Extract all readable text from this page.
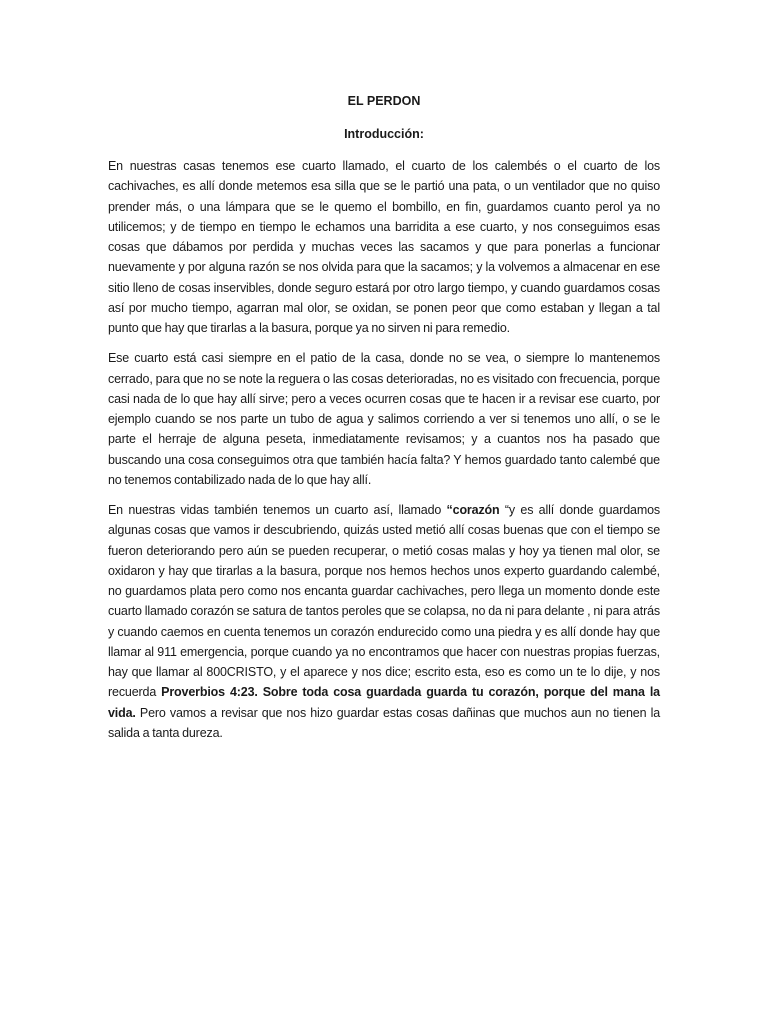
EL PERDON
Introducción:

En nuestras casas tenemos ese cuarto llamado, el cuarto de los calembés o el cuarto de los cachivaches, es allí donde metemos esa silla que se le partió una pata, o un ventilador que no quiso prender más, o una lámpara que se le quemo el bombillo, en fin, guardamos cuanto perol ya no utilicemos; y de tiempo en tiempo le echamos una barridita a ese cuarto, y nos conseguimos esas cosas que dábamos por perdida y muchas veces las sacamos y que para ponerlas a funcionar nuevamente y por alguna razón se nos olvida para que la sacamos; y la volvemos a almacenar en ese sitio lleno de cosas inservibles, donde seguro estará por otro largo tiempo, y cuando guardamos cosas así por mucho tiempo, agarran mal olor, se oxidan, se ponen peor que como estaban y llegan a tal punto que hay que tirarlas a la basura, porque ya no sirven ni para remedio.

Ese cuarto está casi siempre en el patio de la casa, donde no se vea, o siempre lo mantenemos cerrado, para que no se note la reguera o las cosas deterioradas, no es visitado con frecuencia, porque casi nada de lo que hay allí sirve; pero a veces ocurren cosas que te hacen ir a revisar ese cuarto, por ejemplo cuando se nos parte un tubo de agua y salimos corriendo a ver si tenemos uno allí, o se le parte el herraje de alguna peseta, inmediatamente revisamos; y a cuantos nos ha pasado que buscando una cosa conseguimos otra que también hacía falta? Y hemos guardado tanto calembé que no tenemos contabilizado nada de lo que hay allí.

En nuestras vidas también tenemos un cuarto así, llamado “corazón “y es allí donde guardamos algunas cosas que vamos ir descubriendo, quizás usted metió allí cosas buenas que con el tiempo se fueron deteriorando pero aún se pueden recuperar, o metió cosas malas y hoy ya tienen mal olor, se oxidaron y hay que tirarlas a la basura, porque nos hemos hechos unos experto guardando calembé, no guardamos plata pero como nos encanta guardar cachivaches, pero llega un momento donde este cuarto llamado corazón se satura de tantos peroles que se colapsa, no da ni para delante , ni para atrás y cuando caemos en cuenta tenemos un corazón endurecido como una piedra y es allí donde hay que llamar al 911 emergencia, porque cuando ya no encontramos que hacer con nuestras propias fuerzas, hay que llamar al 800CRISTO, y el aparece y nos dice; escrito esta, eso es como un te lo dije, y nos recuerda Proverbios 4:23. Sobre toda cosa guardada guarda tu corazón, porque del mana la vida. Pero vamos a revisar que nos hizo guardar estas cosas dañinas que muchos aun no tienen la salida a tanta dureza.
